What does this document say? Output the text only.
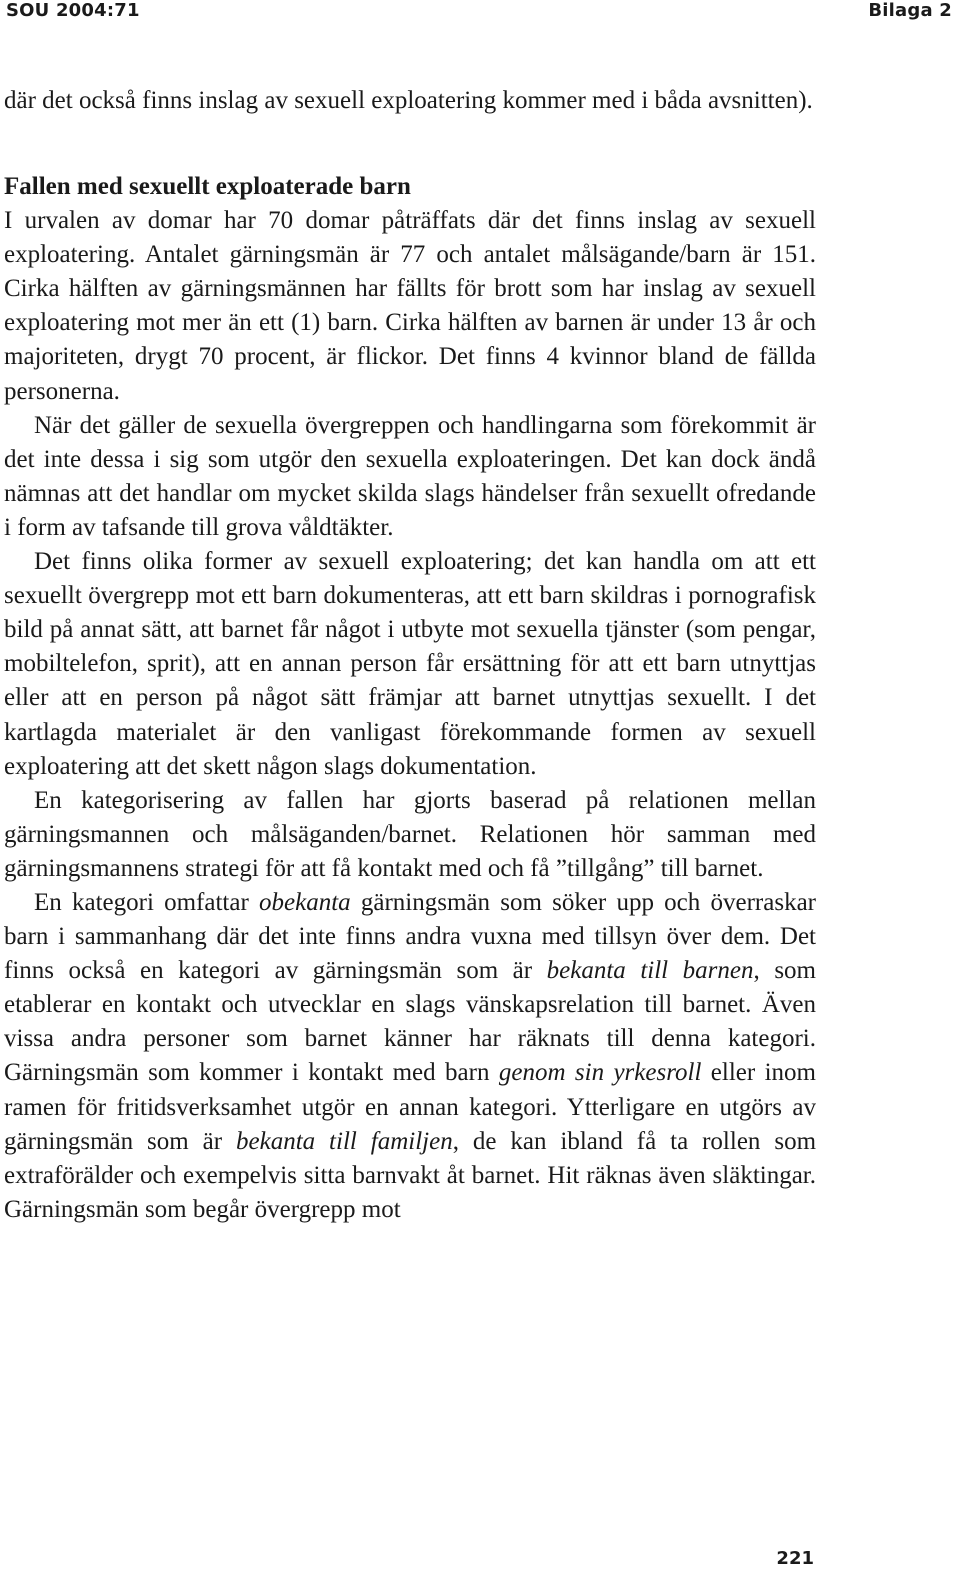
SOU 2004:71	Bilaga 2

där det också finns inslag av sexuell exploatering kommer med i båda avsnitten).

Fallen med sexuellt exploaterade barn

I urvalen av domar har 70 domar påträffats där det finns inslag av sexuell exploatering. Antalet gärningsmän är 77 och antalet målsägande/barn är 151. Cirka hälften av gärningsmännen har fällts för brott som har inslag av sexuell exploatering mot mer än ett (1) barn. Cirka hälften av barnen är under 13 år och majoriteten, drygt 70 procent, är flickor. Det finns 4 kvinnor bland de fällda personerna.

När det gäller de sexuella övergreppen och handlingarna som förekommit är det inte dessa i sig som utgör den sexuella exploateringen. Det kan dock ändå nämnas att det handlar om mycket skilda slags händelser från sexuellt ofredande i form av tafsande till grova våldtäkter.

Det finns olika former av sexuell exploatering; det kan handla om att ett sexuellt övergrepp mot ett barn dokumenteras, att ett barn skildras i pornografisk bild på annat sätt, att barnet får något i utbyte mot sexuella tjänster (som pengar, mobiltelefon, sprit), att en annan person får ersättning för att ett barn utnyttjas eller att en person på något sätt främjar att barnet utnyttjas sexuellt. I det kartlagda materialet är den vanligast förekommande formen av sexuell exploatering att det skett någon slags dokumentation.

En kategorisering av fallen har gjorts baserad på relationen mellan gärningsmannen och målsäganden/barnet. Relationen hör samman med gärningsmannens strategi för att få kontakt med och få ”tillgång” till barnet.

En kategori omfattar obekanta gärningsmän som söker upp och överraskar barn i sammanhang där det inte finns andra vuxna med tillsyn över dem. Det finns också en kategori av gärningsmän som är bekanta till barnen, som etablerar en kontakt och utvecklar en slags vänskapsrelation till barnet. Även vissa andra personer som barnet känner har räknats till denna kategori. Gärningsmän som kommer i kontakt med barn genom sin yrkesroll eller inom ramen för fritidsverksamhet utgör en annan kategori. Ytterligare en utgörs av gärningsmän som är bekanta till familjen, de kan ibland få ta rollen som extraförälder och exempelvis sitta barnvakt åt barnet. Hit räknas även släktingar. Gärningsmän som begår övergrepp mot

221
